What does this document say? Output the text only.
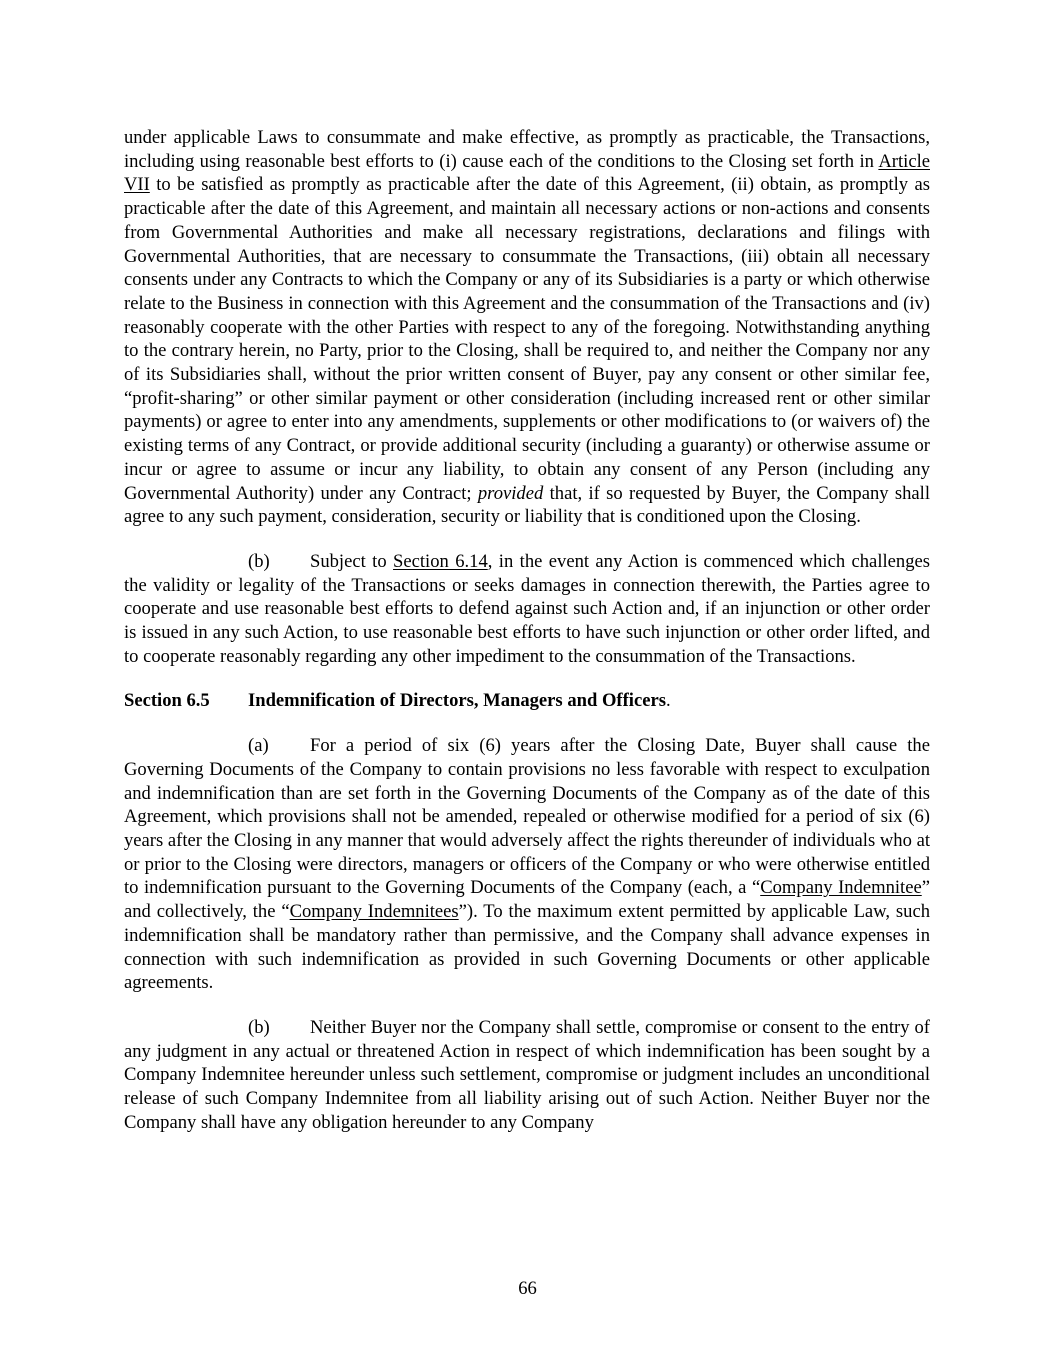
under applicable Laws to consummate and make effective, as promptly as practicable, the Transactions, including using reasonable best efforts to (i) cause each of the conditions to the Closing set forth in Article VII to be satisfied as promptly as practicable after the date of this Agreement, (ii) obtain, as promptly as practicable after the date of this Agreement, and maintain all necessary actions or non-actions and consents from Governmental Authorities and make all necessary registrations, declarations and filings with Governmental Authorities, that are necessary to consummate the Transactions, (iii) obtain all necessary consents under any Contracts to which the Company or any of its Subsidiaries is a party or which otherwise relate to the Business in connection with this Agreement and the consummation of the Transactions and (iv) reasonably cooperate with the other Parties with respect to any of the foregoing. Notwithstanding anything to the contrary herein, no Party, prior to the Closing, shall be required to, and neither the Company nor any of its Subsidiaries shall, without the prior written consent of Buyer, pay any consent or other similar fee, “profit-sharing” or other similar payment or other consideration (including increased rent or other similar payments) or agree to enter into any amendments, supplements or other modifications to (or waivers of) the existing terms of any Contract, or provide additional security (including a guaranty) or otherwise assume or incur or agree to assume or incur any liability, to obtain any consent of any Person (including any Governmental Authority) under any Contract; provided that, if so requested by Buyer, the Company shall agree to any such payment, consideration, security or liability that is conditioned upon the Closing.

(b) Subject to Section 6.14, in the event any Action is commenced which challenges the validity or legality of the Transactions or seeks damages in connection therewith, the Parties agree to cooperate and use reasonable best efforts to defend against such Action and, if an injunction or other order is issued in any such Action, to use reasonable best efforts to have such injunction or other order lifted, and to cooperate reasonably regarding any other impediment to the consummation of the Transactions.

Section 6.5 Indemnification of Directors, Managers and Officers.

(a) For a period of six (6) years after the Closing Date, Buyer shall cause the Governing Documents of the Company to contain provisions no less favorable with respect to exculpation and indemnification than are set forth in the Governing Documents of the Company as of the date of this Agreement, which provisions shall not be amended, repealed or otherwise modified for a period of six (6) years after the Closing in any manner that would adversely affect the rights thereunder of individuals who at or prior to the Closing were directors, managers or officers of the Company or who were otherwise entitled to indemnification pursuant to the Governing Documents of the Company (each, a “Company Indemnitee” and collectively, the “Company Indemnitees”). To the maximum extent permitted by applicable Law, such indemnification shall be mandatory rather than permissive, and the Company shall advance expenses in connection with such indemnification as provided in such Governing Documents or other applicable agreements.

(b) Neither Buyer nor the Company shall settle, compromise or consent to the entry of any judgment in any actual or threatened Action in respect of which indemnification has been sought by a Company Indemnitee hereunder unless such settlement, compromise or judgment includes an unconditional release of such Company Indemnitee from all liability arising out of such Action. Neither Buyer nor the Company shall have any obligation hereunder to any Company

66
